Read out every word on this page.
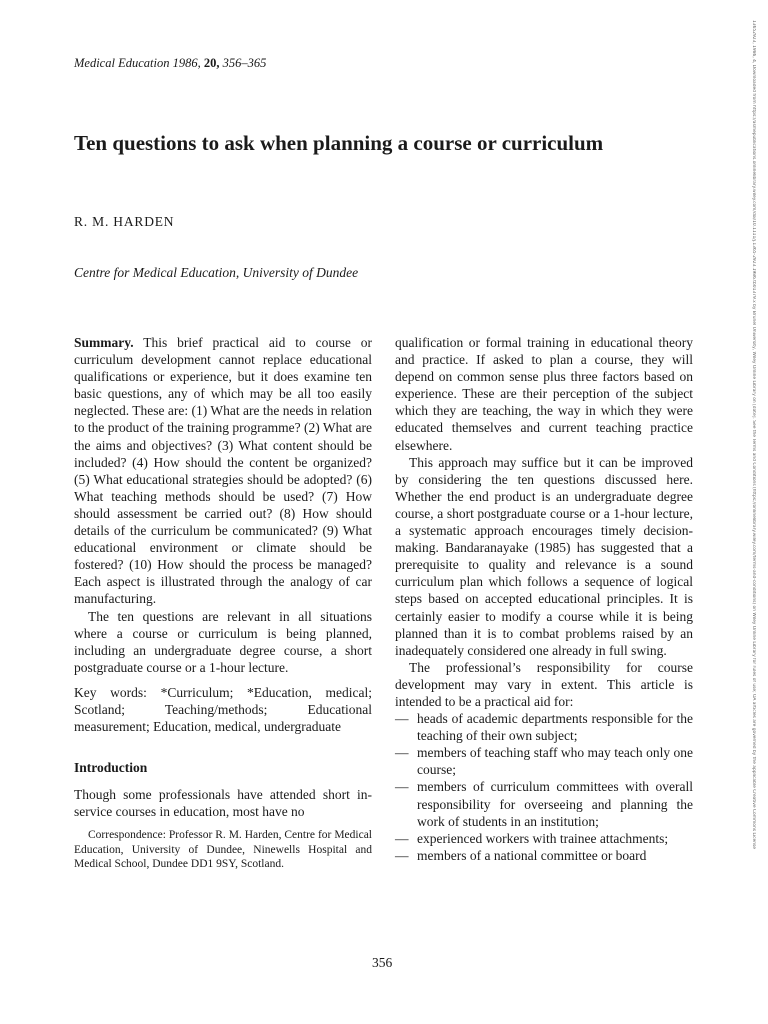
Medical Education 1986, 20, 356–365
Ten questions to ask when planning a course or curriculum
R. M. HARDEN
Centre for Medical Education, University of Dundee

Summary. This brief practical aid to course or curriculum development cannot replace educational qualifications or experience, but it does examine ten basic questions, any of which may be all too easily neglected. These are: (1) What are the needs in relation to the product of the training programme? (2) What are the aims and objectives? (3) What content should be included? (4) How should the content be organized? (5) What educational strategies should be adopted? (6) What teaching methods should be used? (7) How should assessment be carried out? (8) How should details of the curriculum be communicated? (9) What educational environment or climate should be fostered? (10) How should the process be managed? Each aspect is illustrated through the analogy of car manufacturing.

The ten questions are relevant in all situations where a course or curriculum is being planned, including an undergraduate degree course, a short postgraduate course or a 1-hour lecture.

Key words: *Curriculum; *Education, medical; Scotland; Teaching/methods; Educational measurement; Education, medical, undergraduate

Introduction

Though some professionals have attended short in-service courses in education, most have no

Correspondence: Professor R. M. Harden, Centre for Medical Education, University of Dundee, Ninewells Hospital and Medical School, Dundee DD1 9SY, Scotland.

qualification or formal training in educational theory and practice. If asked to plan a course, they will depend on common sense plus three factors based on experience. These are their perception of the subject which they are teaching, the way in which they were educated themselves and current teaching practice elsewhere.

This approach may suffice but it can be improved by considering the ten questions discussed here. Whether the end product is an undergraduate degree course, a short postgraduate course or a 1-hour lecture, a systematic approach encourages timely decision-making. Bandaranayake (1985) has suggested that a prerequisite to quality and relevance is a sound curriculum plan which follows a sequence of logical steps based on accepted educational principles. It is certainly easier to modify a course while it is being planned than it is to combat problems raised by an inadequately considered one already in full swing.

The professional’s responsibility for course development may vary in extent. This article is intended to be a practical aid for:

— heads of academic departments responsible for the teaching of their own subject;
— members of teaching staff who may teach only one course;
— members of curriculum committees with overall responsibility for overseeing and planning the work of students in an institution;
— experienced workers with trainee attachments;
— members of a national committee or board
356
13652923, 1986, 4, Downloaded from https://asmepublications.onlinelibrary.wiley.com/doi/10.1111/j.1365-2923.1986.tb01379.x by Brunel University, Wiley Online Library on [date]. See the Terms and Conditions (https://onlinelibrary.wiley.com/terms-and-conditions) on Wiley Online Library for rules of use; OA articles are governed by the applicable Creative Commons License
